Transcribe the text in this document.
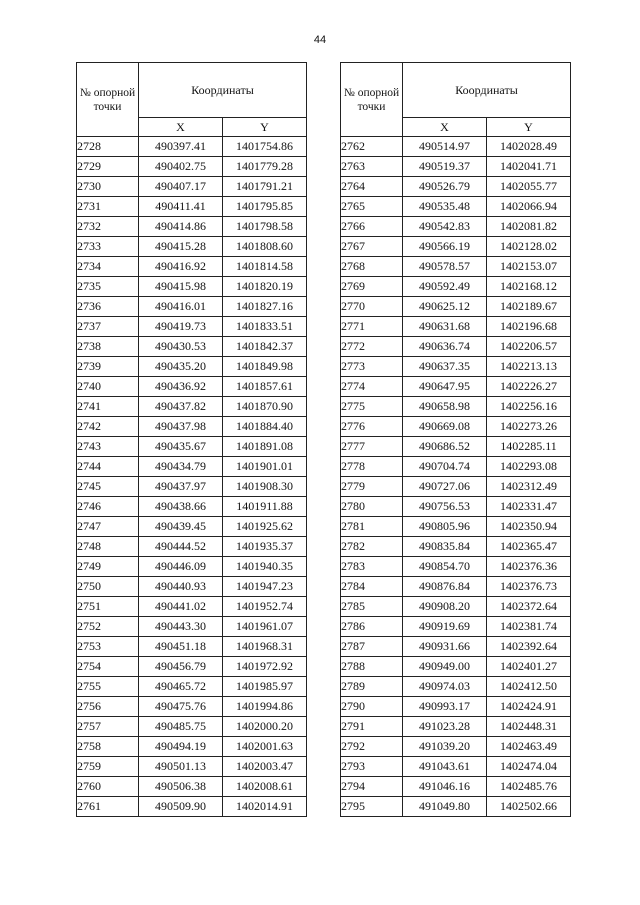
44
№ опорной точки	Координаты	
	X	Y
2728	490397.41	1401754.86
2729	490402.75	1401779.28
2730	490407.17	1401791.21
2731	490411.41	1401795.85
2732	490414.86	1401798.58
2733	490415.28	1401808.60
2734	490416.92	1401814.58
2735	490415.98	1401820.19
2736	490416.01	1401827.16
2737	490419.73	1401833.51
2738	490430.53	1401842.37
2739	490435.20	1401849.98
2740	490436.92	1401857.61
2741	490437.82	1401870.90
2742	490437.98	1401884.40
2743	490435.67	1401891.08
2744	490434.79	1401901.01
2745	490437.97	1401908.30
2746	490438.66	1401911.88
2747	490439.45	1401925.62
2748	490444.52	1401935.37
2749	490446.09	1401940.35
2750	490440.93	1401947.23
2751	490441.02	1401952.74
2752	490443.30	1401961.07
2753	490451.18	1401968.31
2754	490456.79	1401972.92
2755	490465.72	1401985.97
2756	490475.76	1401994.86
2757	490485.75	1402000.20
2758	490494.19	1402001.63
2759	490501.13	1402003.47
2760	490506.38	1402008.61
2761	490509.90	1402014.91
№ опорной точки	Координаты	
	X	Y
2762	490514.97	1402028.49
2763	490519.37	1402041.71
2764	490526.79	1402055.77
2765	490535.48	1402066.94
2766	490542.83	1402081.82
2767	490566.19	1402128.02
2768	490578.57	1402153.07
2769	490592.49	1402168.12
2770	490625.12	1402189.67
2771	490631.68	1402196.68
2772	490636.74	1402206.57
2773	490637.35	1402213.13
2774	490647.95	1402226.27
2775	490658.98	1402256.16
2776	490669.08	1402273.26
2777	490686.52	1402285.11
2778	490704.74	1402293.08
2779	490727.06	1402312.49
2780	490756.53	1402331.47
2781	490805.96	1402350.94
2782	490835.84	1402365.47
2783	490854.70	1402376.36
2784	490876.84	1402376.73
2785	490908.20	1402372.64
2786	490919.69	1402381.74
2787	490931.66	1402392.64
2788	490949.00	1402401.27
2789	490974.03	1402412.50
2790	490993.17	1402424.91
2791	491023.28	1402448.31
2792	491039.20	1402463.49
2793	491043.61	1402474.04
2794	491046.16	1402485.76
2795	491049.80	1402502.66
